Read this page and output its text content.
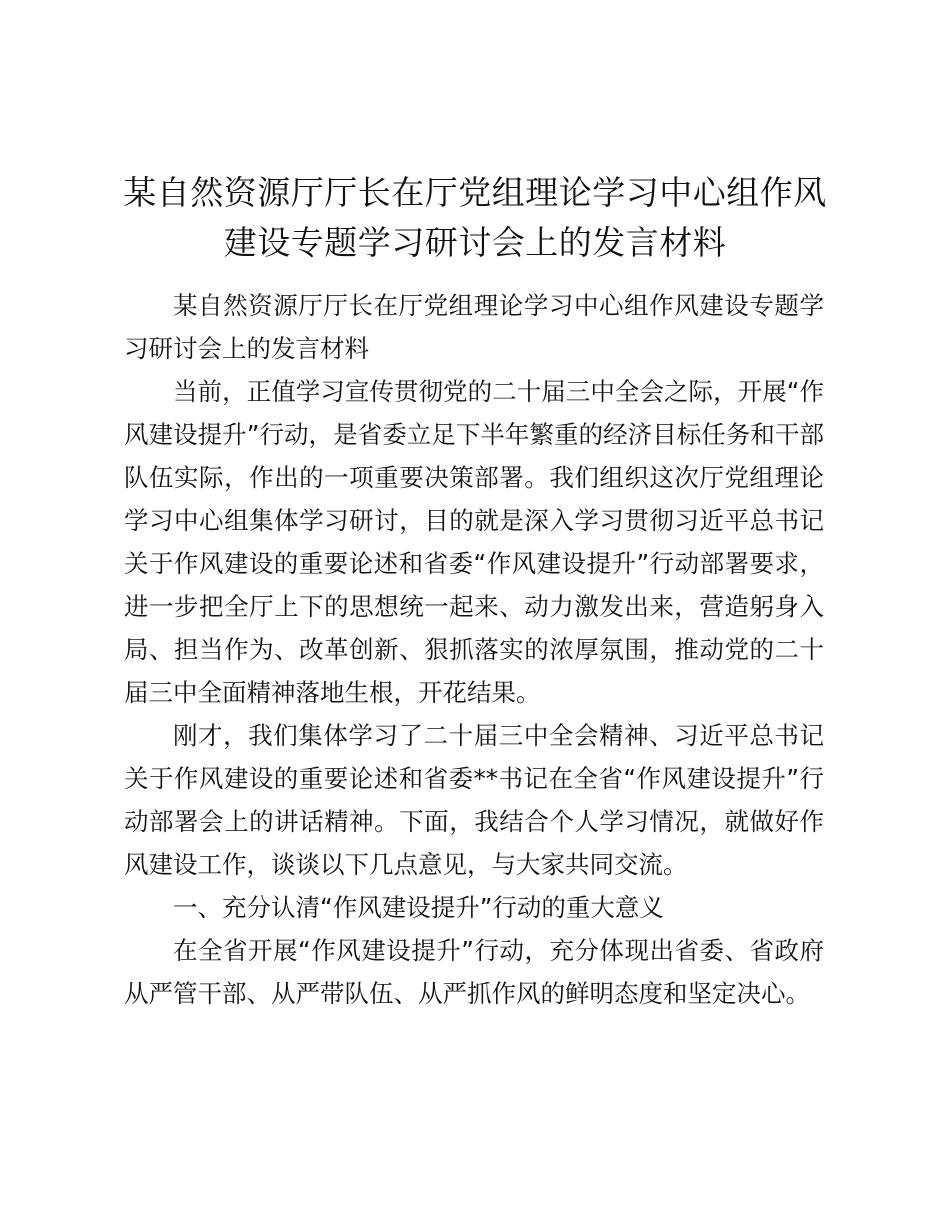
某自然资源厅厅长在厅党组理论学习中心组作风建设专题学习研讨会上的发言材料

某自然资源厅厅长在厅党组理论学习中心组作风建设专题学习研讨会上的发言材料

当前，正值学习宣传贯彻党的二十届三中全会之际，开展“作风建设提升”行动，是省委立足下半年繁重的经济目标任务和干部队伍实际，作出的一项重要决策部署。我们组织这次厅党组理论学习中心组集体学习研讨，目的就是深入学习贯彻习近平总书记关于作风建设的重要论述和省委“作风建设提升”行动部署要求，进一步把全厅上下的思想统一起来、动力激发出来，营造躬身入局、担当作为、改革创新、狠抓落实的浓厚氛围，推动党的二十届三中全面精神落地生根，开花结果。

刚才，我们集体学习了二十届三中全会精神、习近平总书记关于作风建设的重要论述和省委**书记在全省“作风建设提升”行动部署会上的讲话精神。下面，我结合个人学习情况，就做好作风建设工作，谈谈以下几点意见，与大家共同交流。

一、充分认清“作风建设提升”行动的重大意义

在全省开展“作风建设提升”行动，充分体现出省委、省政府从严管干部、从严带队伍、从严抓作风的鲜明态度和坚定决心。
